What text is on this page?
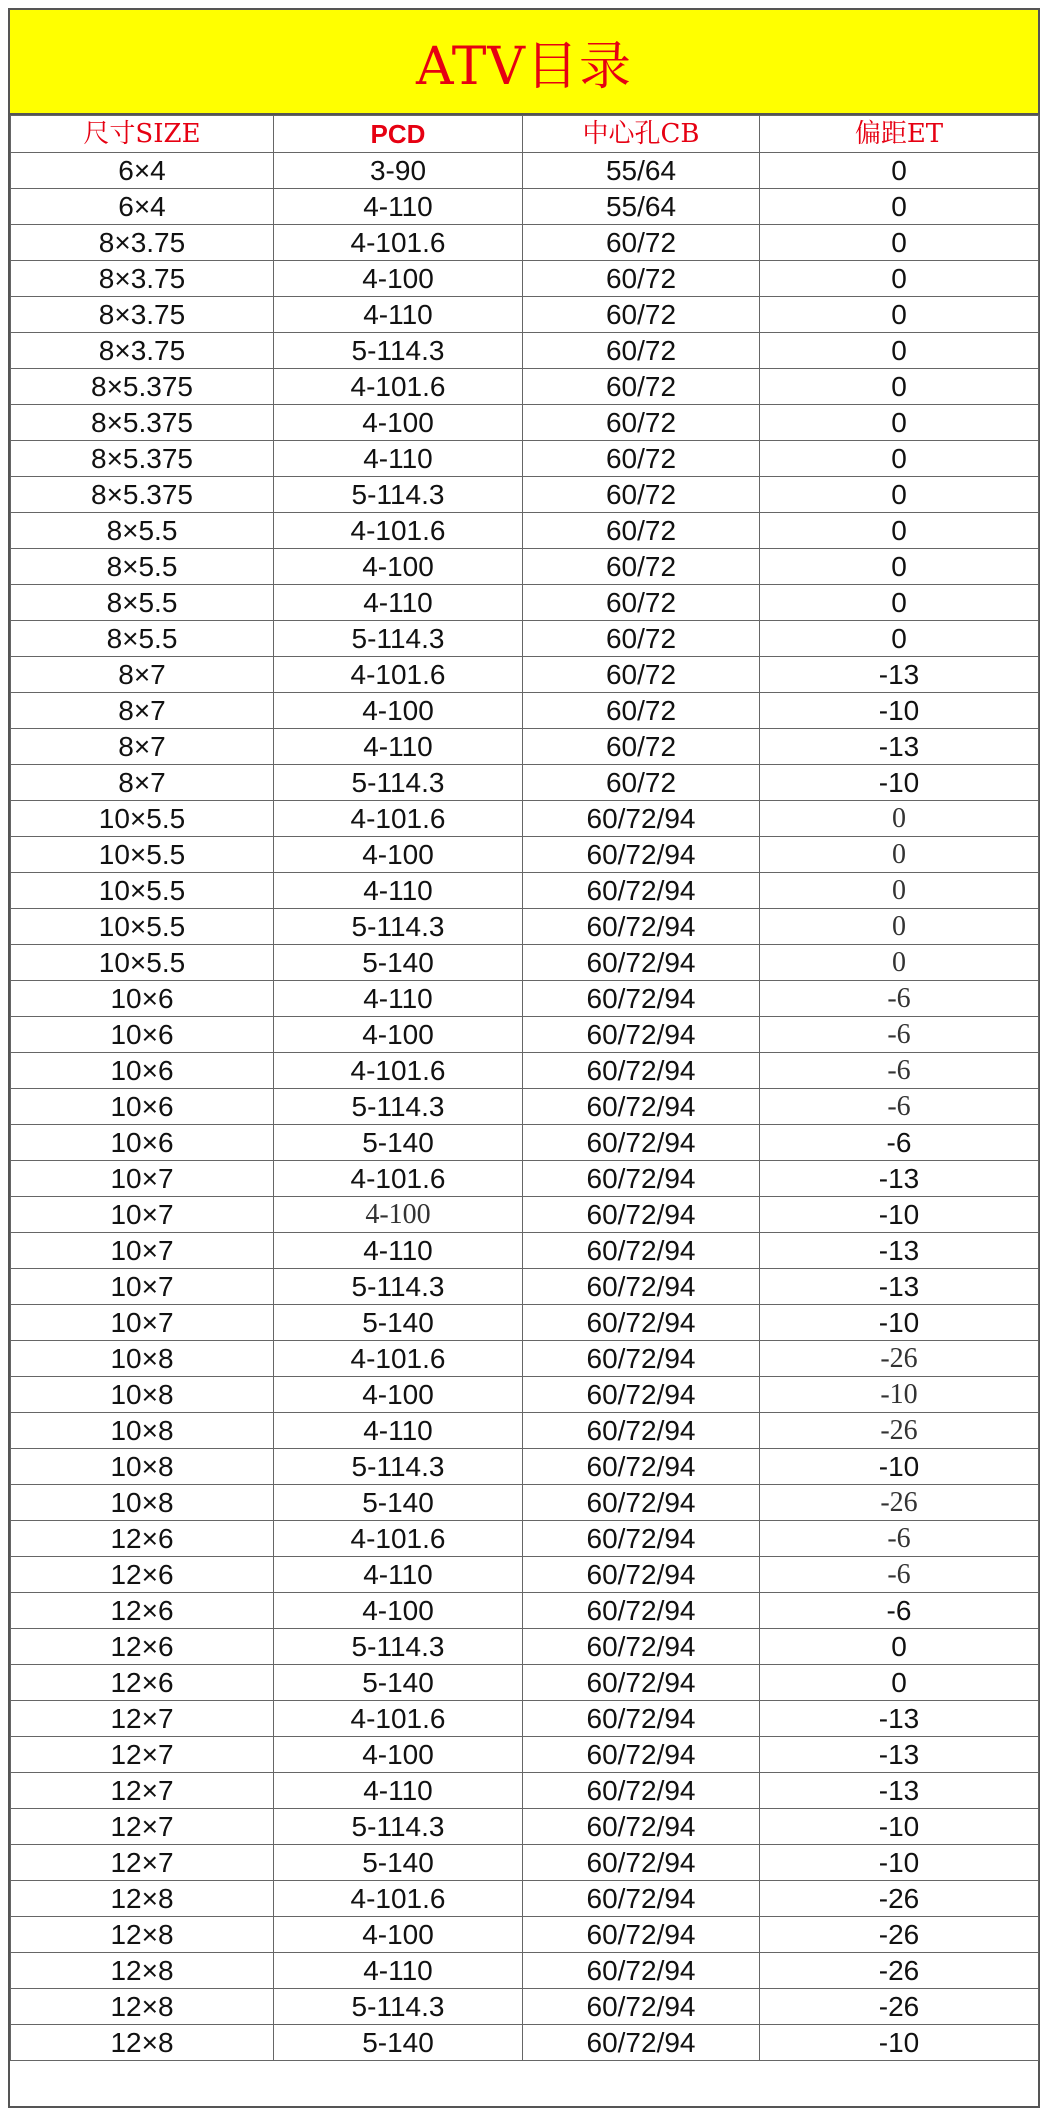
ATV目录
尺寸SIZE	PCD	中心孔CB	偏距ET
6×4	3-90	55/64	0
6×4	4-110	55/64	0
8×3.75	4-101.6	60/72	0
8×3.75	4-100	60/72	0
8×3.75	4-110	60/72	0
8×3.75	5-114.3	60/72	0
8×5.375	4-101.6	60/72	0
8×5.375	4-100	60/72	0
8×5.375	4-110	60/72	0
8×5.375	5-114.3	60/72	0
8×5.5	4-101.6	60/72	0
8×5.5	4-100	60/72	0
8×5.5	4-110	60/72	0
8×5.5	5-114.3	60/72	0
8×7	4-101.6	60/72	-13
8×7	4-100	60/72	-10
8×7	4-110	60/72	-13
8×7	5-114.3	60/72	-10
10×5.5	4-101.6	60/72/94	0
10×5.5	4-100	60/72/94	0
10×5.5	4-110	60/72/94	0
10×5.5	5-114.3	60/72/94	0
10×5.5	5-140	60/72/94	0
10×6	4-110	60/72/94	-6
10×6	4-100	60/72/94	-6
10×6	4-101.6	60/72/94	-6
10×6	5-114.3	60/72/94	-6
10×6	5-140	60/72/94	-6
10×7	4-101.6	60/72/94	-13
10×7	4-100	60/72/94	-10
10×7	4-110	60/72/94	-13
10×7	5-114.3	60/72/94	-13
10×7	5-140	60/72/94	-10
10×8	4-101.6	60/72/94	-26
10×8	4-100	60/72/94	-10
10×8	4-110	60/72/94	-26
10×8	5-114.3	60/72/94	-10
10×8	5-140	60/72/94	-26
12×6	4-101.6	60/72/94	-6
12×6	4-110	60/72/94	-6
12×6	4-100	60/72/94	-6
12×6	5-114.3	60/72/94	0
12×6	5-140	60/72/94	0
12×7	4-101.6	60/72/94	-13
12×7	4-100	60/72/94	-13
12×7	4-110	60/72/94	-13
12×7	5-114.3	60/72/94	-10
12×7	5-140	60/72/94	-10
12×8	4-101.6	60/72/94	-26
12×8	4-100	60/72/94	-26
12×8	4-110	60/72/94	-26
12×8	5-114.3	60/72/94	-26
12×8	5-140	60/72/94	-10
